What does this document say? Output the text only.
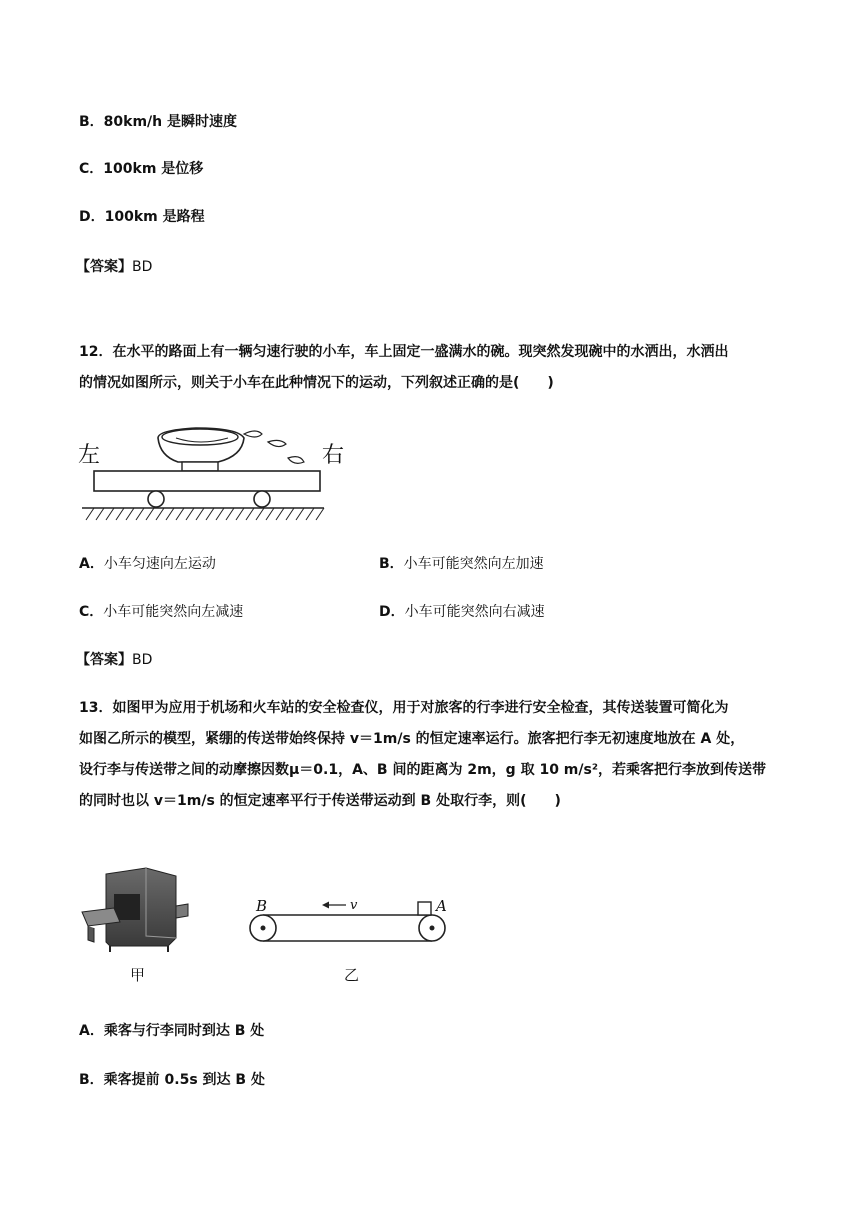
B．80km/h 是瞬时速度
C．100km 是位移
D．100km 是路程
【答案】BD
12．在水平的路面上有一辆匀速行驶的小车，车上固定一盛满水的碗。现突然发现碗中的水洒出，水洒出
的情况如图所示，则关于小车在此种情况下的运动，下列叙述正确的是(　　)
左	右
A．小车匀速向左运动	B．小车可能突然向左加速
C．小车可能突然向左减速	D．小车可能突然向右减速
【答案】BD
13．如图甲为应用于机场和火车站的安全检查仪，用于对旅客的行李进行安全检查，其传送装置可简化为
如图乙所示的模型，紧绷的传送带始终保持 v＝1m/s 的恒定速率运行。旅客把行李无初速度地放在 A 处，
设行李与传送带之间的动摩擦因数μ＝0.1，A、B 间的距离为 2m，g 取 10 m/s²，若乘客把行李放到传送带
的同时也以 v＝1m/s 的恒定速率平行于传送带运动到 B 处取行李，则(　　)
甲
B	v	A
乙
A．乘客与行李同时到达 B 处
B．乘客提前 0.5s 到达 B 处
